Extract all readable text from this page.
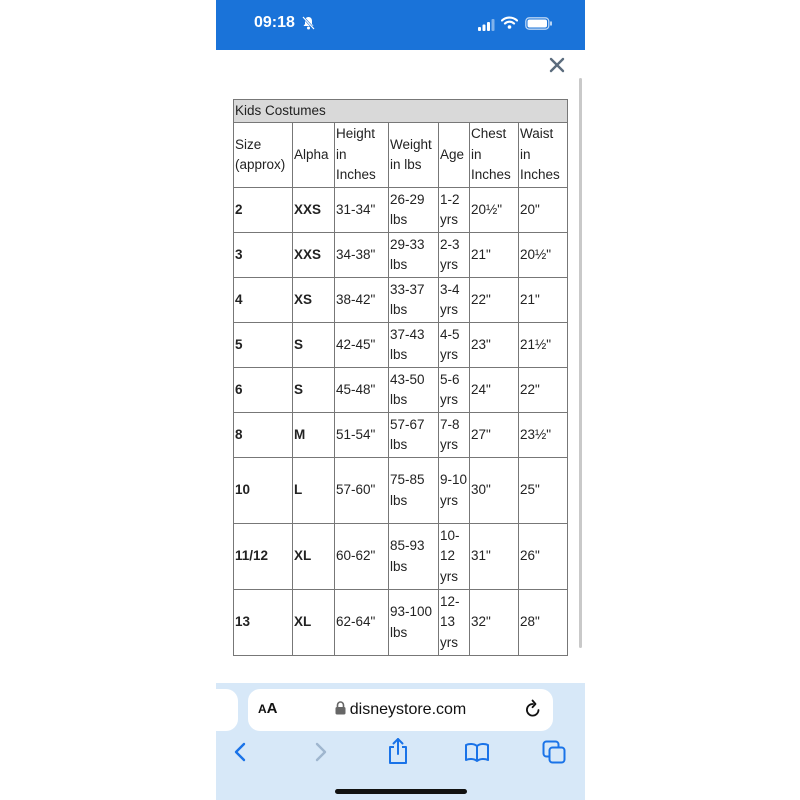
09:18
Kids Costumes						
Size (approx)	Alpha	Height in Inches	Weight in lbs	Age	Chest in Inches	Waist in Inches
2	XXS	31-34"	26-29 lbs	1-2 yrs	20½"	20"
3	XXS	34-38"	29-33 lbs	2-3 yrs	21"	20½"
4	XS	38-42"	33-37 lbs	3-4 yrs	22"	21"
5	S	42-45"	37-43 lbs	4-5 yrs	23"	21½"
6	S	45-48"	43-50 lbs	5-6 yrs	24"	22"
8	M	51-54"	57-67 lbs	7-8 yrs	27"	23½"
10	L	57-60"	75-85 lbs	9-10 yrs	30"	25"
11/12	XL	60-62"	85-93 lbs	10-12 yrs	31"	26"
13	XL	62-64"	93-100 lbs	12-13 yrs	32"	28"
AA	disneystore.com
